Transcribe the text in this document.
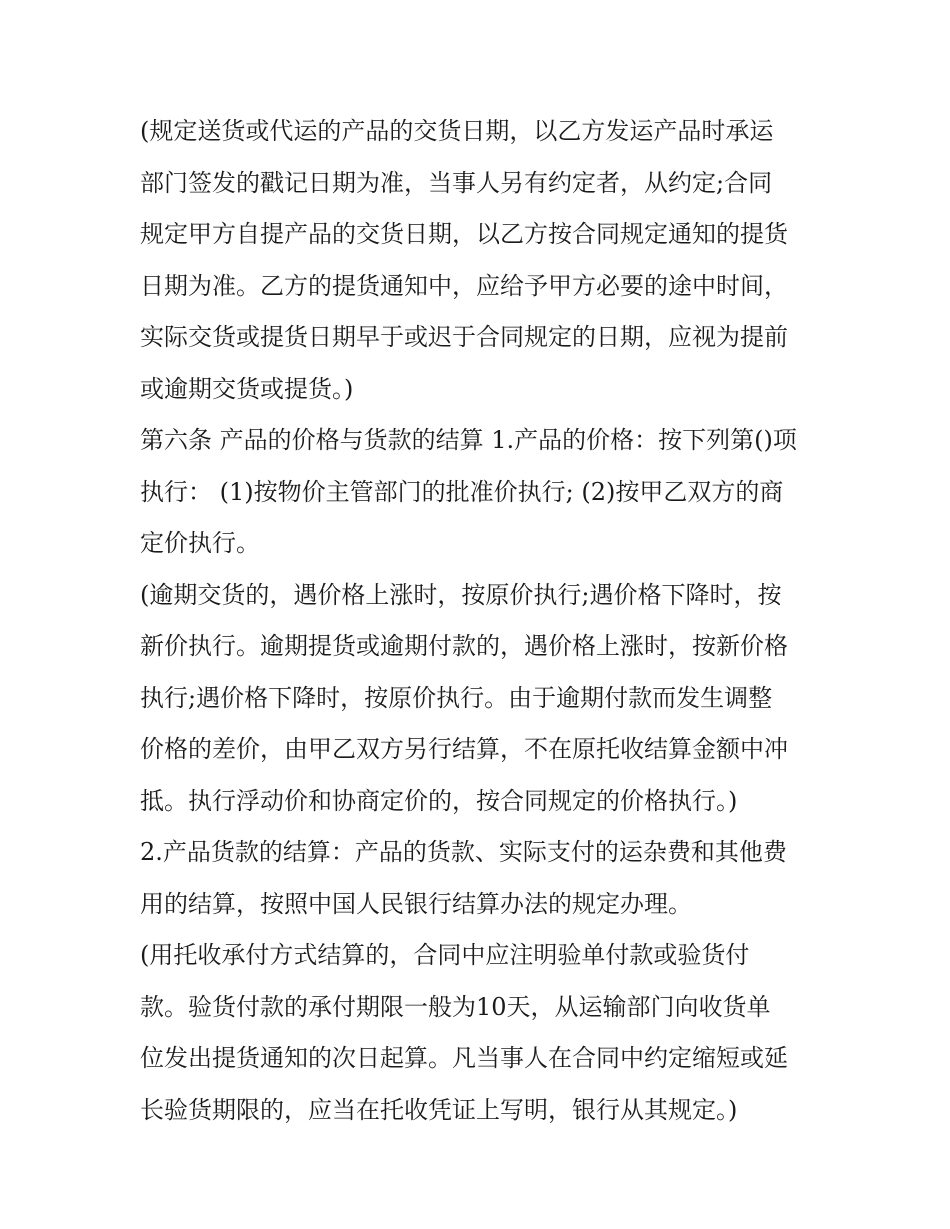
(规定送货或代运的产品的交货日期，以乙方发运产品时承运
部门签发的戳记日期为准，当事人另有约定者，从约定;合同
规定甲方自提产品的交货日期，以乙方按合同规定通知的提货
日期为准。乙方的提货通知中，应给予甲方必要的途中时间，
实际交货或提货日期早于或迟于合同规定的日期，应视为提前
或逾期交货或提货。)
第六条 产品的价格与货款的结算 1.产品的价格：按下列第()项
执行： (1)按物价主管部门的批准价执行; (2)按甲乙双方的商
定价执行。
(逾期交货的，遇价格上涨时，按原价执行;遇价格下降时，按
新价执行。逾期提货或逾期付款的，遇价格上涨时，按新价格
执行;遇价格下降时，按原价执行。由于逾期付款而发生调整
价格的差价，由甲乙双方另行结算，不在原托收结算金额中冲
抵。执行浮动价和协商定价的，按合同规定的价格执行。)
2.产品货款的结算：产品的货款、实际支付的运杂费和其他费
用的结算，按照中国人民银行结算办法的规定办理。
(用托收承付方式结算的，合同中应注明验单付款或验货付
款。验货付款的承付期限一般为10天，从运输部门向收货单
位发出提货通知的次日起算。凡当事人在合同中约定缩短或延
长验货期限的，应当在托收凭证上写明，银行从其规定。)
